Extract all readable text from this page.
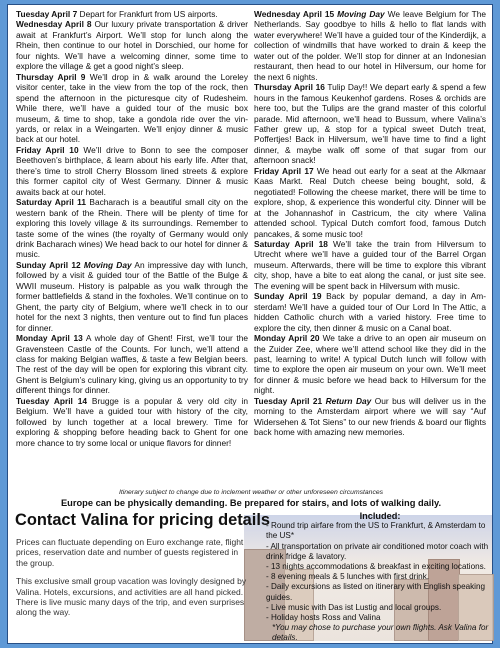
Tuesday April 7 Depart for Frankfurt from US airports.

Wednesday April 8 Our luxury private transportation & driver await at Frankfurt’s Airport. We’ll stop for lunch along the Rhein, then continue to our hotel in Dorschied, our home for four nights. We’ll have a welcoming dinner, some time to explore the village & get a good night’s sleep.

Thursday April 9 We’ll drop in & walk around the Loreley visitor center, take in the view from the top of the rock, then spend the afternoon in the picturesque city of Rudesheim. While there, we’ll have a guided tour of the music box museum, & time to shop, take a gondola ride over the vin-yards, or relax in a Weingarten. We’ll enjoy dinner & music back at our hotel.

Friday April 10 We’ll drive to Bonn to see the composer Beethoven’s birthplace, & learn about his early life. After that, there’s time to stroll Cherry Blossom lined streets & explore this former capitol city of West Germany. Dinner & music awaits back at our hotel.

Saturday April 11 Bacharach is a beautiful small city on the western bank of the Rhein. There will be plenty of time for exploring this lovely village & its surroundings. Remember to taste some of the wines (the royalty of Germany would only drink Bacharach wines) We head back to our hotel for dinner & music.

Sunday April 12 Moving Day An impressive day with lunch, followed by a visit & guided tour of the Battle of the Bulge & WWII museum. History is palpable as you walk through the former battlefields & stand in the foxholes. We’ll continue on to Ghent, the party city of Belgium, where we’ll check in to our hotel for the next 3 nights, then venture out to find fun places for dinner.

Monday April 13 A whole day of Ghent! First, we’ll tour the Gravensteen Castle of the Counts. For lunch, we’ll attend a class for making Belgian waffles, & taste a few Belgian beers. The rest of the day will be open for exploring this vibrant city. Ghent is Belgium’s culinary king, giving us an opportunity to try different things for dinner.

Tuesday April 14 Brugge is a popular & very old city in Belgium. We’ll have a guided tour with history of the city, followed by lunch together at a local brewery. Time for exploring & shopping before heading back to Ghent for one more chance to try some local or unique flavors for dinner!

Wednesday April 15 Moving Day We leave Belgium for The Netherlands. Say goodbye to hills & hello to flat lands with water everywhere! We’ll have a guided tour of the Kinderdijk, a collection of windmills that have worked to drain & keep the water out of the polder. We’ll stop for dinner at an Indonesian restaurant, then head to our hotel in Hilversum, our home for the next 6 nights.

Thursday April 16 Tulip Day!! We depart early & spend a few hours in the famous Keukenhof gardens. Roses & orchids are here too, but the Tulips are the grand master of this colorful parade. Mid afternoon, we’ll head to Bussum, where Valina’s Father grew up, & stop for a typical sweet Dutch treat, Poffertjes! Back in Hilversum, we’ll have time to find a light dinner, & maybe walk off some of that sugar from our afternoon snack!

Friday April 17 We head out early for a seat at the Alkmaar Kaas Markt. Real Dutch cheese being bought, sold, & negotiated! Following the cheese market, there will be time to explore, shop, & experience this wonderful city. Dinner will be at the Johannashof in Castricum, the city where Valina attended school. Typical Dutch comfort food, famous Dutch pancakes, & some music too!

Saturday April 18 We’ll take the train from Hilversum to Utrecht where we’ll have a guided tour of the Barrel Organ museum. Afterwards, there will be time to explore this vibrant city, shop, have a bite to eat along the canal, or just site see. The evening will be spent back in Hilversum with music.

Sunday April 19 Back by popular demand, a day in Am-sterdam! We’ll have a guided tour of Our Lord In The Attic, a hidden Catholic church with a varied history. Free time to explore the city, then dinner & music on a Canal boat.

Monday April 20 We take a drive to an open air museum on the Zuider Zee, where we’ll attend school like they did in the past, learning to write! A typical Dutch lunch will follow with time to explore the open air museum on your own. We’ll meet for dinner & music before we head back to Hilversum for the night.

Tuesday April 21 Return Day Our bus will deliver us in the morning to the Amsterdam airport where we will say “Auf Widersehen & Tot Siens” to our new friends & board our flights back home with amazing new memories.

Itinerary subject to change due to inclement weather or other unforeseen circumstances
Europe can be physically demanding. Be prepared for stairs, and lots of walking daily.
Contact Valina for pricing details

Prices can fluctuate depending on Euro exchange rate, flight prices, reservation date and number of guests registered in the group.

This exclusive small group vacation was lovingly designed by Valina. Hotels, excursions, and activities are all hand picked. There is live music many days of the trip, and even surprises along the way.

Included:
- Round trip airfare from the US to Frankfurt, & Amsterdam to the US*
- All transportation on private air conditioned motor coach with drink fridge & lavatory.
- 13 nights accommodations & breakfast in exciting locations.
- 8 evening meals & 5 lunches with first drink.
- Daily excursions as listed on itinerary with English speaking guides.
- Live music with Das ist Lustig and local groups.
- Holiday hosts Ross and Valina
*You may chose to purchase your own flights. Ask Valina for details.
